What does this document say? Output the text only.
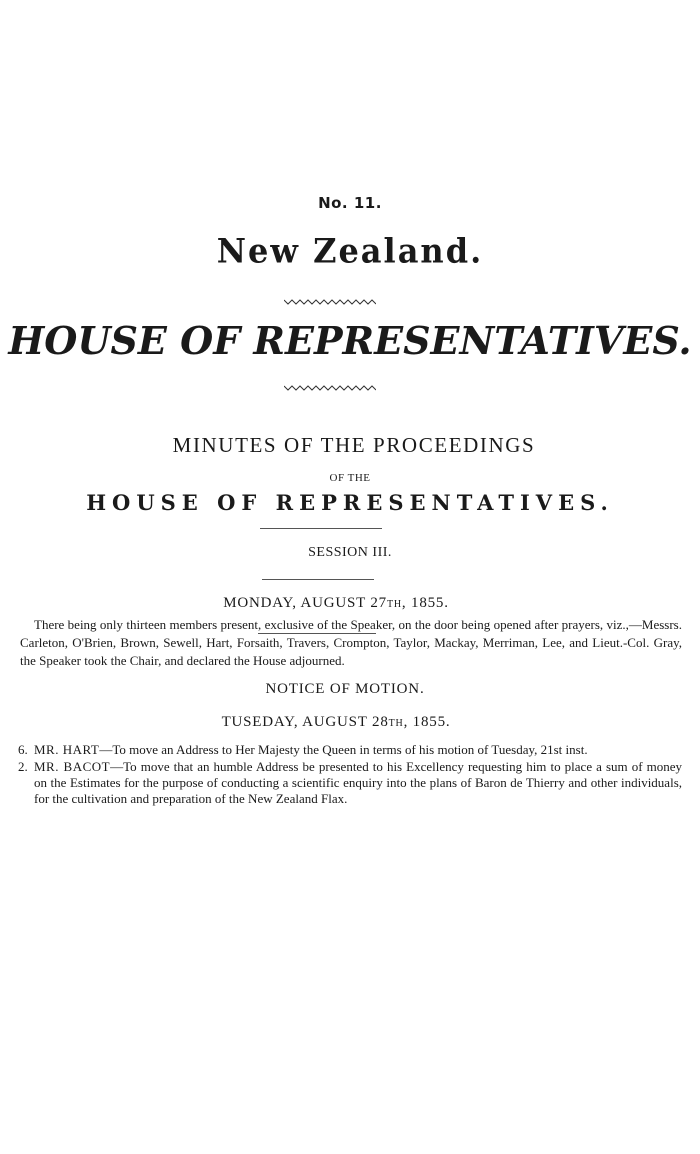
No. 11.
New Zealand.
HOUSE OF REPRESENTATIVES.
MINUTES OF THE PROCEEDINGS
OF THE
HOUSE OF REPRESENTATIVES.
SESSION III.
MONDAY, AUGUST 27TH, 1855.
There being only thirteen members present, exclusive of the Speaker, on the door being opened after prayers, viz.,—Messrs. Carleton, O'Brien, Brown, Sewell, Hart, Forsaith, Travers, Crompton, Taylor, Mackay, Merriman, Lee, and Lieut.-Col. Gray, the Speaker took the Chair, and declared the House adjourned.
NOTICE OF MOTION.
TUSEDAY, AUGUST 28TH, 1855.
6. MR. HART—To move an Address to Her Majesty the Queen in terms of his motion of Tuesday, 21st inst.
2. MR. BACOT—To move that an humble Address be presented to his Excellency requesting him to place a sum of money on the Estimates for the purpose of conducting a scientific enquiry into the plans of Baron de Thierry and other individuals, for the cultivation and preparation of the New Zealand Flax.
